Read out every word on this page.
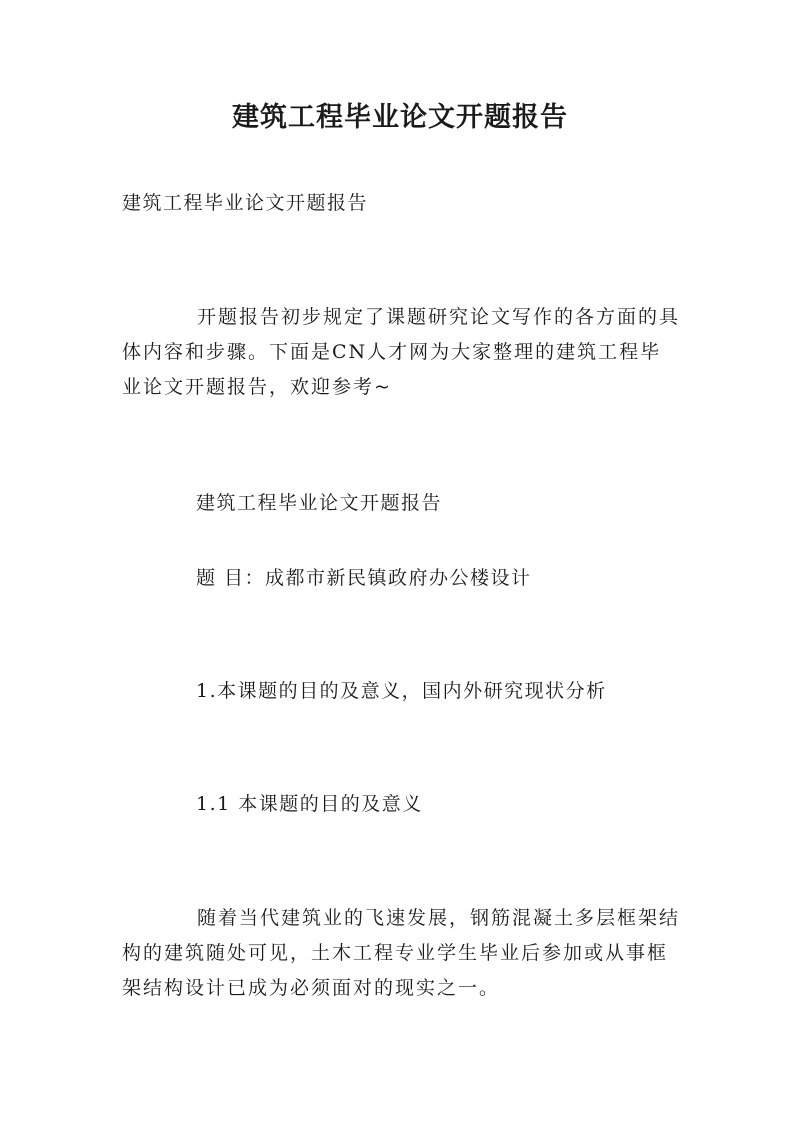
建筑工程毕业论文开题报告
建筑工程毕业论文开题报告
开题报告初步规定了课题研究论文写作的各方面的具体内容和步骤。下面是CN人才网为大家整理的建筑工程毕业论文开题报告，欢迎参考~
建筑工程毕业论文开题报告
题 目：成都市新民镇政府办公楼设计
1.本课题的目的及意义，国内外研究现状分析
1.1 本课题的目的及意义
随着当代建筑业的飞速发展，钢筋混凝土多层框架结构的建筑随处可见，土木工程专业学生毕业后参加或从事框架结构设计已成为必须面对的现实之一。
